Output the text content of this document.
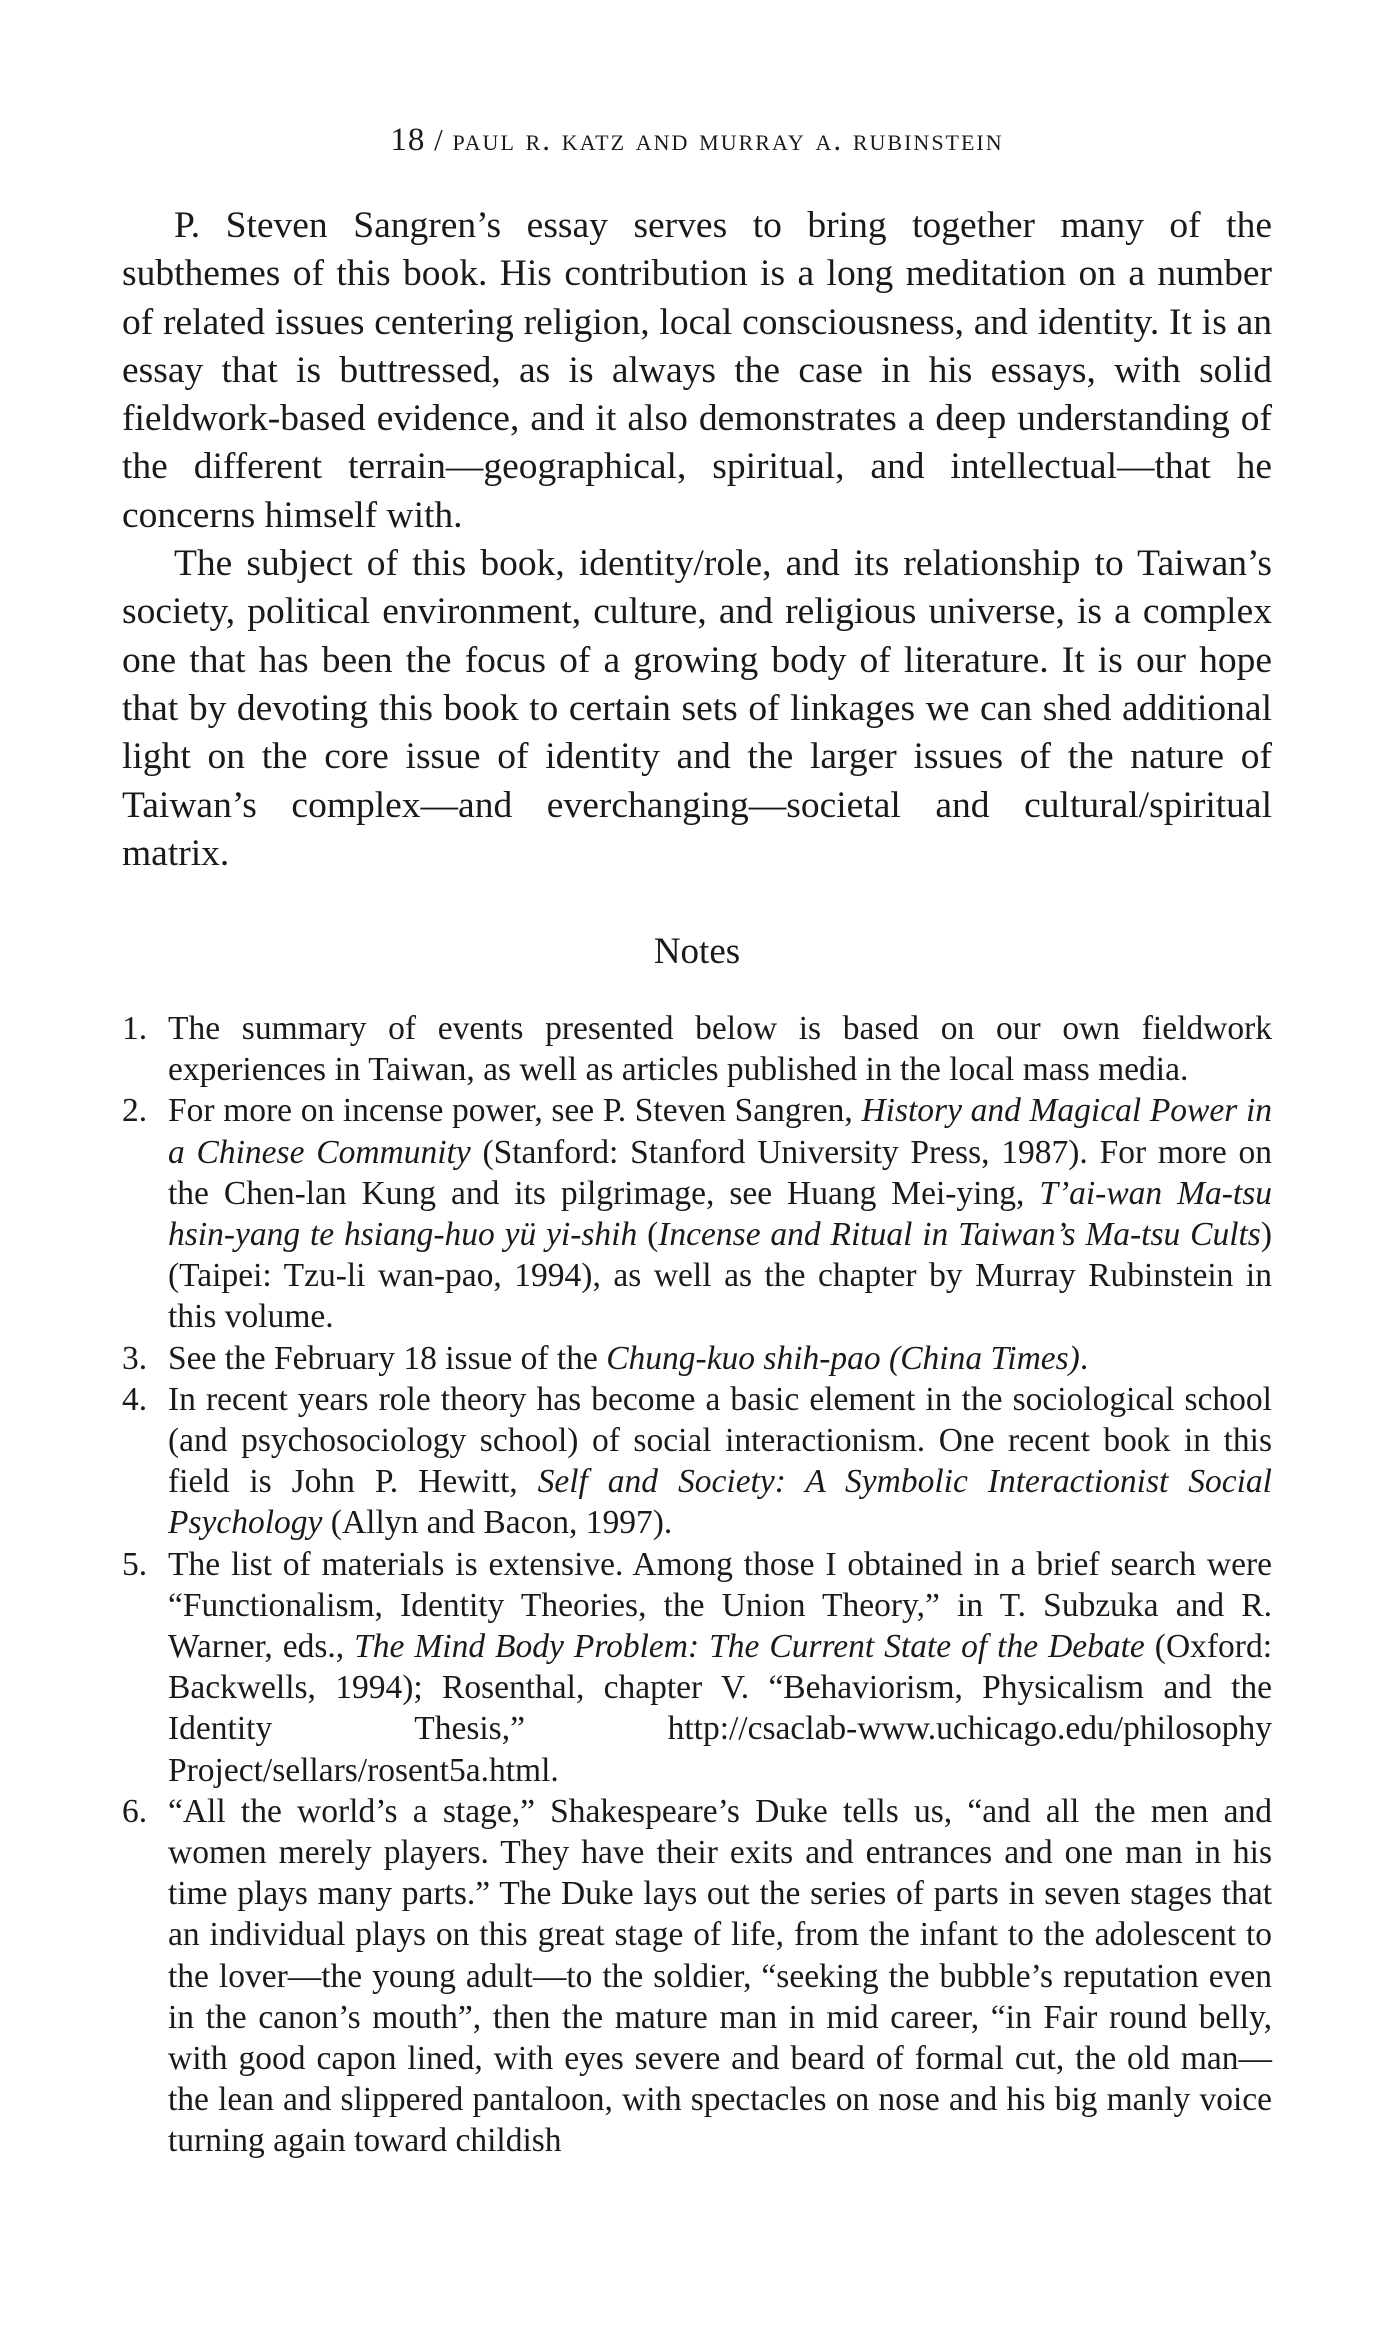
18 / paul r. katz and murray a. rubinstein

P. Steven Sangren’s essay serves to bring together many of the subthemes of this book. His contribution is a long meditation on a number of related issues centering religion, local consciousness, and identity. It is an essay that is buttressed, as is always the case in his essays, with solid fieldwork-based evidence, and it also demonstrates a deep understanding of the different terrain—geographical, spiritual, and intellectual—that he concerns himself with.

The subject of this book, identity/role, and its relationship to Taiwan’s society, political environment, culture, and religious universe, is a complex one that has been the focus of a growing body of literature. It is our hope that by devoting this book to certain sets of linkages we can shed additional light on the core issue of identity and the larger issues of the nature of Taiwan’s complex—and everchanging—societal and cultural/spiritual matrix.

Notes
1. The summary of events presented below is based on our own fieldwork experiences in Taiwan, as well as articles published in the local mass media.
2. For more on incense power, see P. Steven Sangren, History and Magical Power in a Chinese Community (Stanford: Stanford University Press, 1987). For more on the Chen-lan Kung and its pilgrimage, see Huang Mei-ying, T’ai-wan Ma-tsu hsin-yang te hsiang-huo yü yi-shih (Incense and Ritual in Taiwan’s Ma-tsu Cults) (Taipei: Tzu-li wan-pao, 1994), as well as the chapter by Murray Rubinstein in this volume.
3. See the February 18 issue of the Chung-kuo shih-pao (China Times).
4. In recent years role theory has become a basic element in the sociological school (and psychosociology school) of social interactionism. One recent book in this field is John P. Hewitt, Self and Society: A Symbolic Interactionist Social Psychology (Allyn and Bacon, 1997).
5. The list of materials is extensive. Among those I obtained in a brief search were “Functionalism, Identity Theories, the Union Theory,” in T. Subzuka and R. Warner, eds., The Mind Body Problem: The Current State of the Debate (Oxford: Backwells, 1994); Rosenthal, chapter V. “Behaviorism, Physicalism and the Identity Thesis,” http://csaclab-www.uchicago.edu/philosophy Project/sellars/rosent5a.html.
6. “All the world’s a stage,” Shakespeare’s Duke tells us, “and all the men and women merely players. They have their exits and entrances and one man in his time plays many parts.” The Duke lays out the series of parts in seven stages that an individual plays on this great stage of life, from the infant to the adolescent to the lover—the young adult—to the soldier, “seeking the bubble’s reputation even in the canon’s mouth”, then the mature man in mid career, “in Fair round belly, with good capon lined, with eyes severe and beard of formal cut, the old man—the lean and slippered pantaloon, with spectacles on nose and his big manly voice turning again toward childish
